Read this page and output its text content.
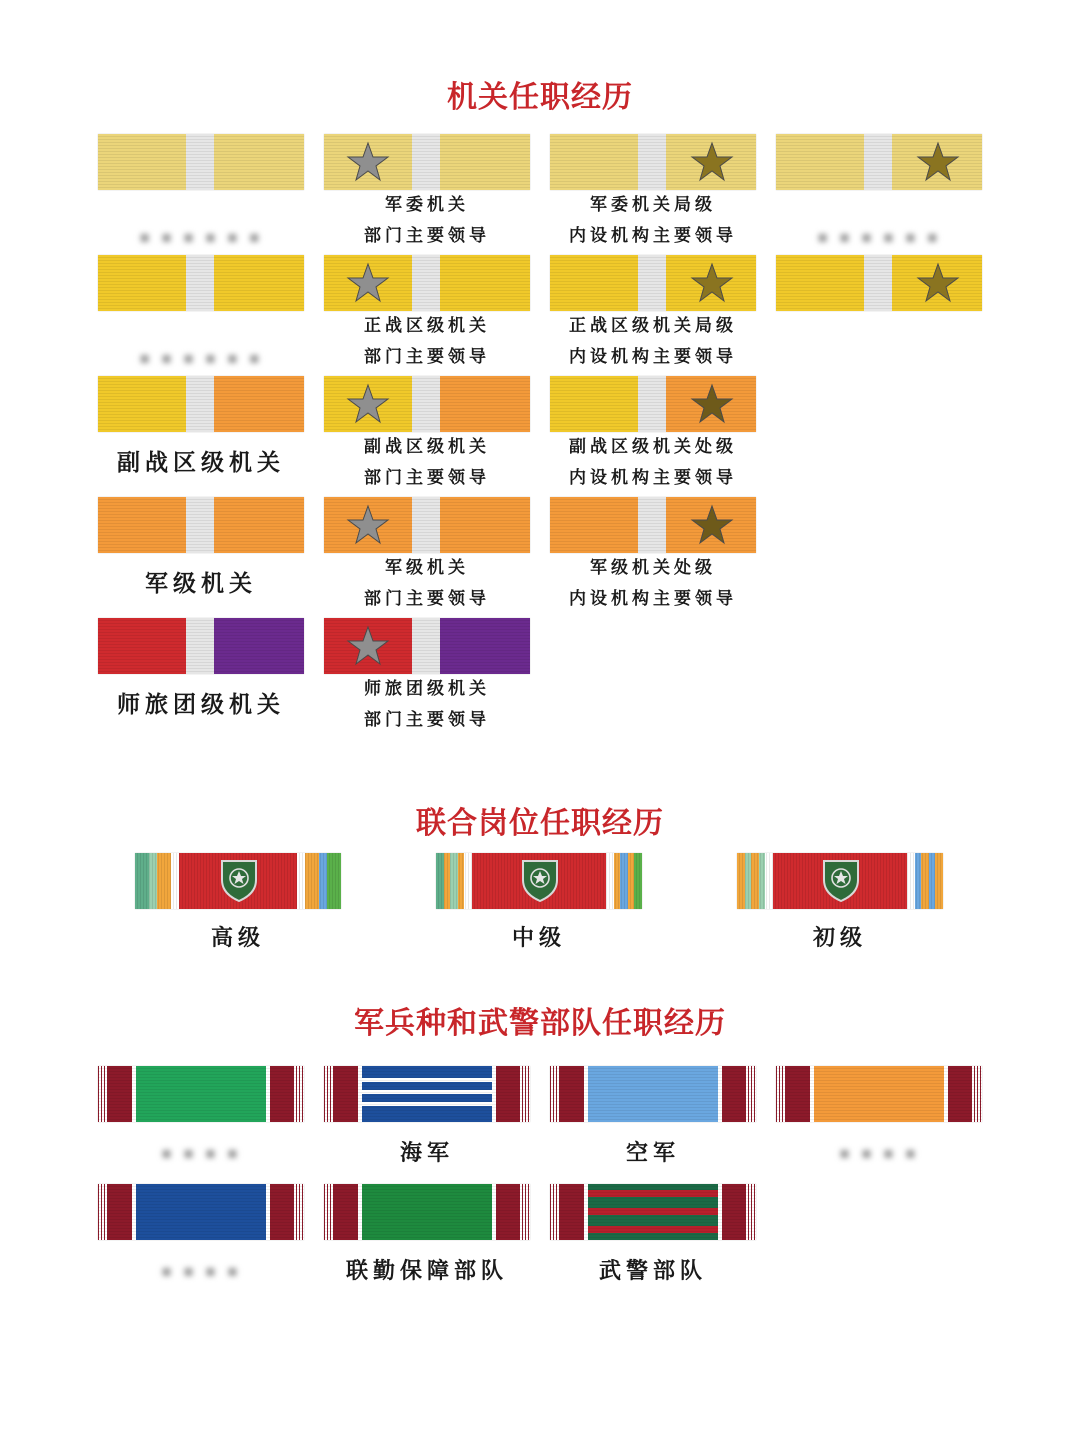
机关任职经历
▪ ▪ ▪ ▪ ▪ ▪
军委机关
部门主要领导
军委机关局级
内设机构主要领导	▪ ▪ ▪ ▪ ▪ ▪
▪ ▪ ▪ ▪ ▪ ▪
正战区级机关
部门主要领导
正战区级机关局级
内设机构主要领导
副战区级机关
副战区级机关
部门主要领导
副战区级机关处级
内设机构主要领导
军级机关
军级机关
部门主要领导
军级机关处级
内设机构主要领导
师旅团级机关
师旅团级机关
部门主要领导
联合岗位任职经历
高级	中级	初级
军兵种和武警部队任职经历
▪ ▪ ▪ ▪	海军	空军	▪ ▪ ▪ ▪
▪ ▪ ▪ ▪	联勤保障部队	武警部队
